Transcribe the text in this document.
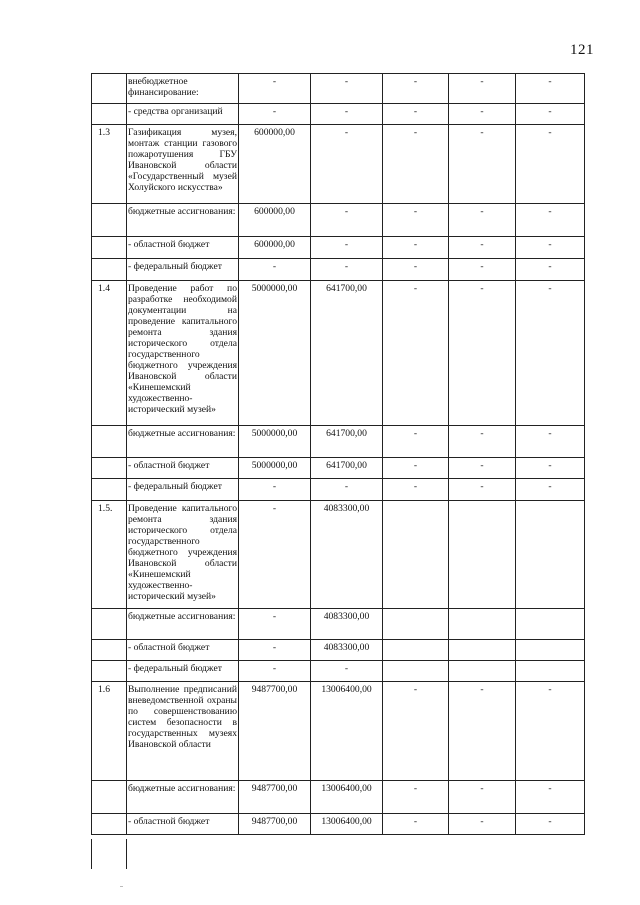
121
	внебюджетное финансирование:	-	-	-	-	-
	- средства организаций	-	-	-	-	-
1.3	Газификация музея, монтаж станции газового пожаротушения ГБУ Ивановской области «Государственный музей Холуйского искусства»	600000,00	-	-	-	-
	бюджетные ассигнования:	600000,00	-	-	-	-
	- областной бюджет	600000,00	-	-	-	-
	- федеральный бюджет	-	-	-	-	-
1.4	Проведение работ по разработке необходимой документации на проведение капитального ремонта здания исторического отдела государственного бюджетного учреждения Ивановской области «Кинешемский художественно-исторический музей»	5000000,00	641700,00	-	-	-
	бюджетные ассигнования:	5000000,00	641700,00	-	-	-
	- областной бюджет	5000000,00	641700,00	-	-	-
	- федеральный бюджет	-	-	-	-	-
1.5.	Проведение капитального ремонта здания исторического отдела государственного бюджетного учреждения Ивановской области «Кинешемский художественно-исторический музей»	-	4083300,00			
	бюджетные ассигнования:	-	4083300,00			
	- областной бюджет	-	4083300,00			
	- федеральный бюджет	-	-			
1.6	Выполнение предписаний вневедомственной охраны по совершенствованию систем безопасности в государственных музеях Ивановской области	9487700,00	13006400,00	-	-	-
	бюджетные ассигнования:	9487700,00	13006400,00	-	-	-
	- областной бюджет	9487700,00	13006400,00	-	-	-
